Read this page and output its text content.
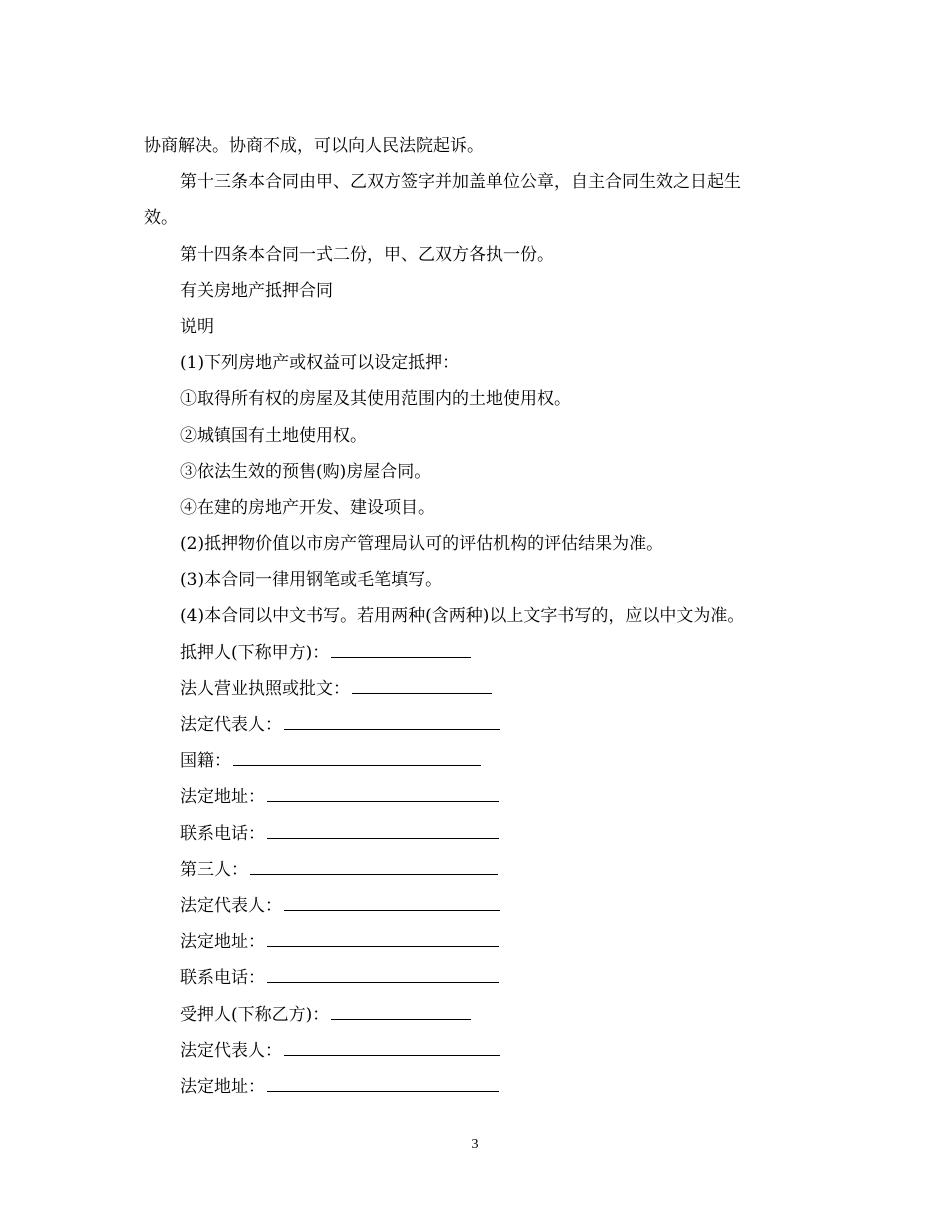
协商解决。协商不成，可以向人民法院起诉。
第十三条本合同由甲、乙双方签字并加盖单位公章，自主合同生效之日起生
效。
第十四条本合同一式二份，甲、乙双方各执一份。
有关房地产抵押合同
说明
(1)下列房地产或权益可以设定抵押：
①取得所有权的房屋及其使用范围内的土地使用权。
②城镇国有土地使用权。
③依法生效的预售(购)房屋合同。
④在建的房地产开发、建设项目。
(2)抵押物价值以市房产管理局认可的评估机构的评估结果为准。
(3)本合同一律用钢笔或毛笔填写。
(4)本合同以中文书写。若用两种(含两种)以上文字书写的，应以中文为准。
抵押人(下称甲方)：
法人营业执照或批文：
法定代表人：
国籍：
法定地址：
联系电话：
第三人：
法定代表人：
法定地址：
联系电话：
受押人(下称乙方)：
法定代表人：
法定地址：
3
